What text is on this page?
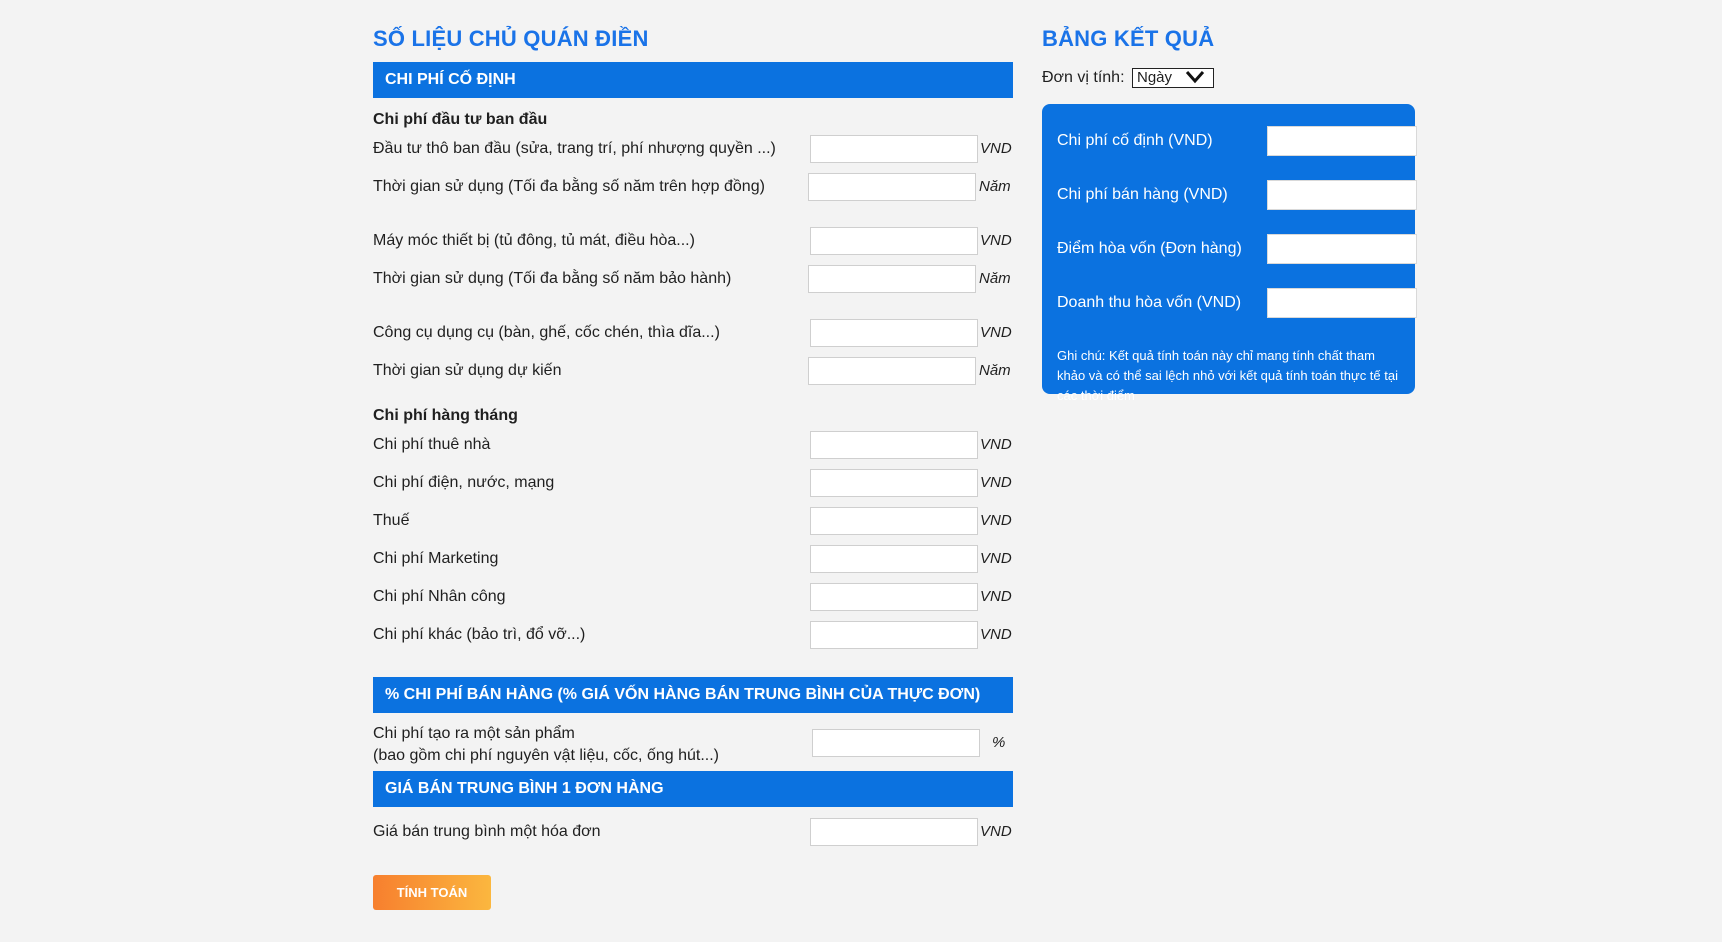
SỐ LIỆU CHỦ QUÁN ĐIỀN
CHI PHÍ CỐ ĐỊNH
Chi phí đầu tư ban đầu
Đầu tư thô ban đầu (sửa, trang trí, phí nhượng quyền ...)	VND
Thời gian sử dụng (Tối đa bằng số năm trên hợp đồng)	Năm
Máy móc thiết bị (tủ đông, tủ mát, điều hòa...)	VND
Thời gian sử dụng (Tối đa bằng số năm bảo hành)	Năm
Công cụ dụng cụ (bàn, ghế, cốc chén, thìa dĩa...)	VND
Thời gian sử dụng dự kiến	Năm
Chi phí hàng tháng
Chi phí thuê nhà	VND
Chi phí điện, nước, mạng	VND
Thuế	VND
Chi phí Marketing	VND
Chi phí Nhân công	VND
Chi phí khác (bảo trì, đổ vỡ...)	VND
% CHI PHÍ BÁN HÀNG (% GIÁ VỐN HÀNG BÁN TRUNG BÌNH CỦA THỰC ĐƠN)
Chi phí tạo ra một sản phẩm
(bao gồm chi phí nguyên vật liệu, cốc, ống hút...)
%
GIÁ BÁN TRUNG BÌNH 1 ĐƠN HÀNG
Giá bán trung bình một hóa đơn	VND
TÍNH TOÁN
BẢNG KẾT QUẢ
Đơn vị tính: Ngày
Chi phí cố định (VND)
Chi phí bán hàng (VND)
Điểm hòa vốn (Đơn hàng)
Doanh thu hòa vốn (VND)
Ghi chú: Kết quả tính toán này chỉ mang tính chất tham khảo và có thể sai lệch nhỏ với kết quả tính toán thực tế tại các thời điểm
